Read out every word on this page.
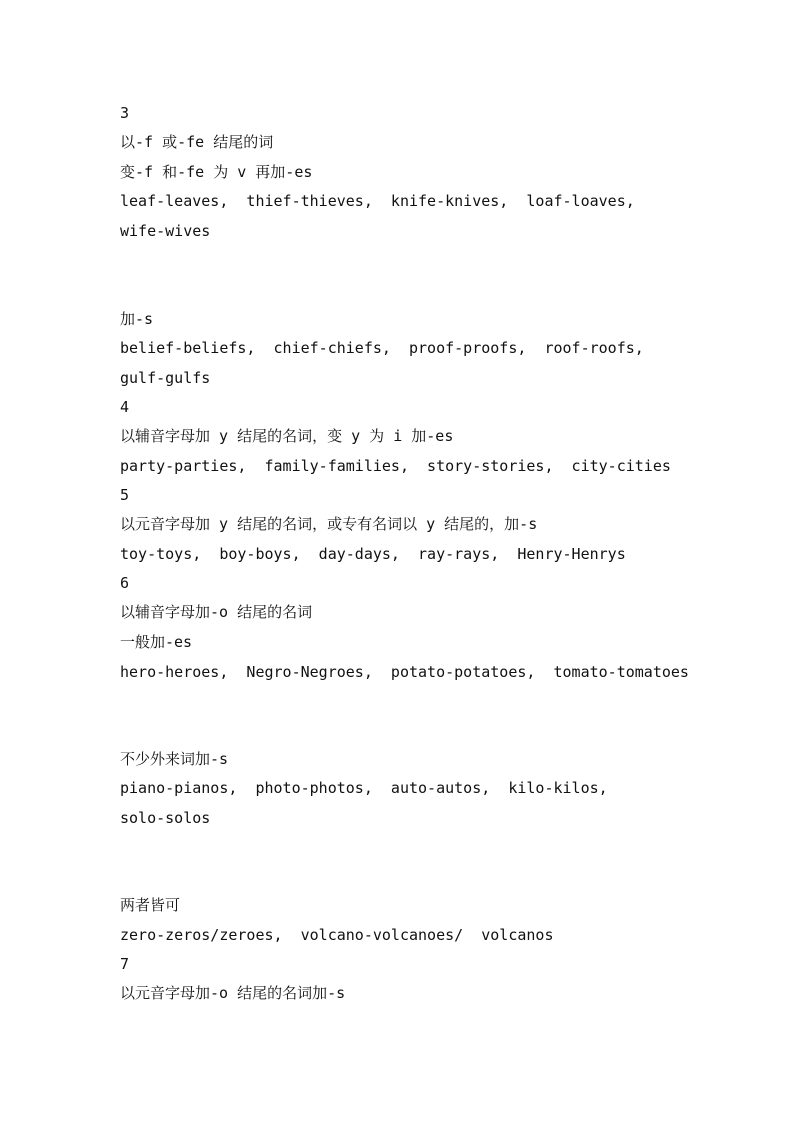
3
以-f 或-fe 结尾的词
变-f 和-fe 为 v 再加-es
leaf-leaves,  thief-thieves,  knife-knives,  loaf-loaves,
wife-wives
加-s
belief-beliefs,  chief-chiefs,  proof-proofs,  roof-roofs,
gulf-gulfs
4
以辅音字母加 y 结尾的名词，变 y 为 i 加-es
party-parties,  family-families,  story-stories,  city-cities
5
以元音字母加 y 结尾的名词，或专有名词以 y 结尾的，加-s
toy-toys,  boy-boys,  day-days,  ray-rays,  Henry-Henrys
6
以辅音字母加-o 结尾的名词
一般加-es
hero-heroes,  Negro-Negroes,  potato-potatoes,  tomato-tomatoes
不少外来词加-s
piano-pianos,  photo-photos,  auto-autos,  kilo-kilos,
solo-solos
两者皆可
zero-zeros/zeroes,  volcano-volcanoes/  volcanos
7
以元音字母加-o 结尾的名词加-s
